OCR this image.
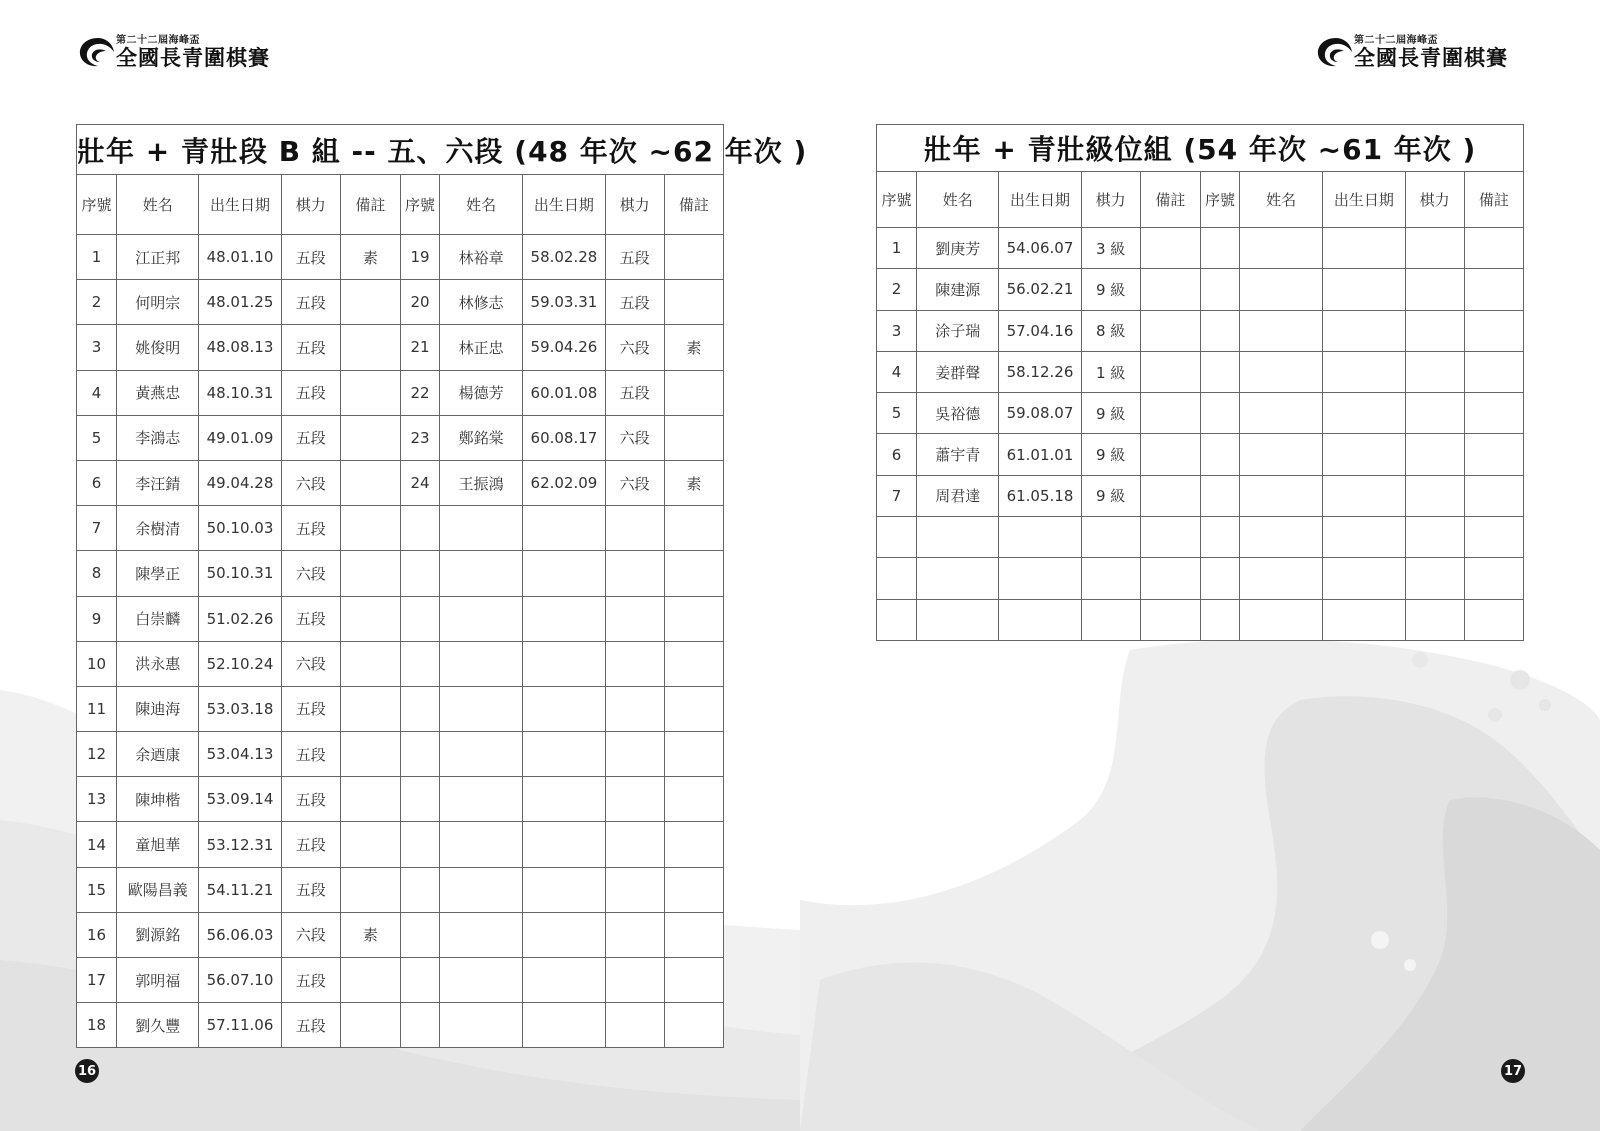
第二十二屆海峰盃
全國長青圍棋賽
壯年 + 青壯段 B 組 -- 五、六段 (48 年次 ~62 年次 )									
序號	姓名	出生日期	棋力	備註	序號	姓名	出生日期	棋力	備註
1	江正邦	48.01.10	五段	素	19	林裕章	58.02.28	五段	
2	何明宗	48.01.25	五段		20	林修志	59.03.31	五段	
3	姚俊明	48.08.13	五段		21	林正忠	59.04.26	六段	素
4	黃燕忠	48.10.31	五段		22	楊德芳	60.01.08	五段	
5	李鴻志	49.01.09	五段		23	鄭銘棠	60.08.17	六段	
6	李汪錆	49.04.28	六段		24	王振鴻	62.02.09	六段	素
7	余樹清	50.10.03	五段						
8	陳學正	50.10.31	六段						
9	白崇麟	51.02.26	五段						
10	洪永惠	52.10.24	六段						
11	陳迪海	53.03.18	五段						
12	余迺康	53.04.13	五段						
13	陳坤楷	53.09.14	五段						
14	童旭華	53.12.31	五段						
15	歐陽昌義	54.11.21	五段						
16	劉源銘	56.06.03	六段	素					
17	郭明福	56.07.10	五段						
18	劉久豐	57.11.06	五段						
16
第二十二屆海峰盃
全國長青圍棋賽
壯年 + 青壯級位組 (54 年次 ~61 年次 )									
序號	姓名	出生日期	棋力	備註	序號	姓名	出生日期	棋力	備註
1	劉庚芳	54.06.07	3 級						
2	陳建源	56.02.21	9 級						
3	涂子瑞	57.04.16	8 級						
4	姜群聲	58.12.26	1 級						
5	吳裕德	59.08.07	9 級						
6	蕭宇青	61.01.01	9 級						
7	周君達	61.05.18	9 級						

17
